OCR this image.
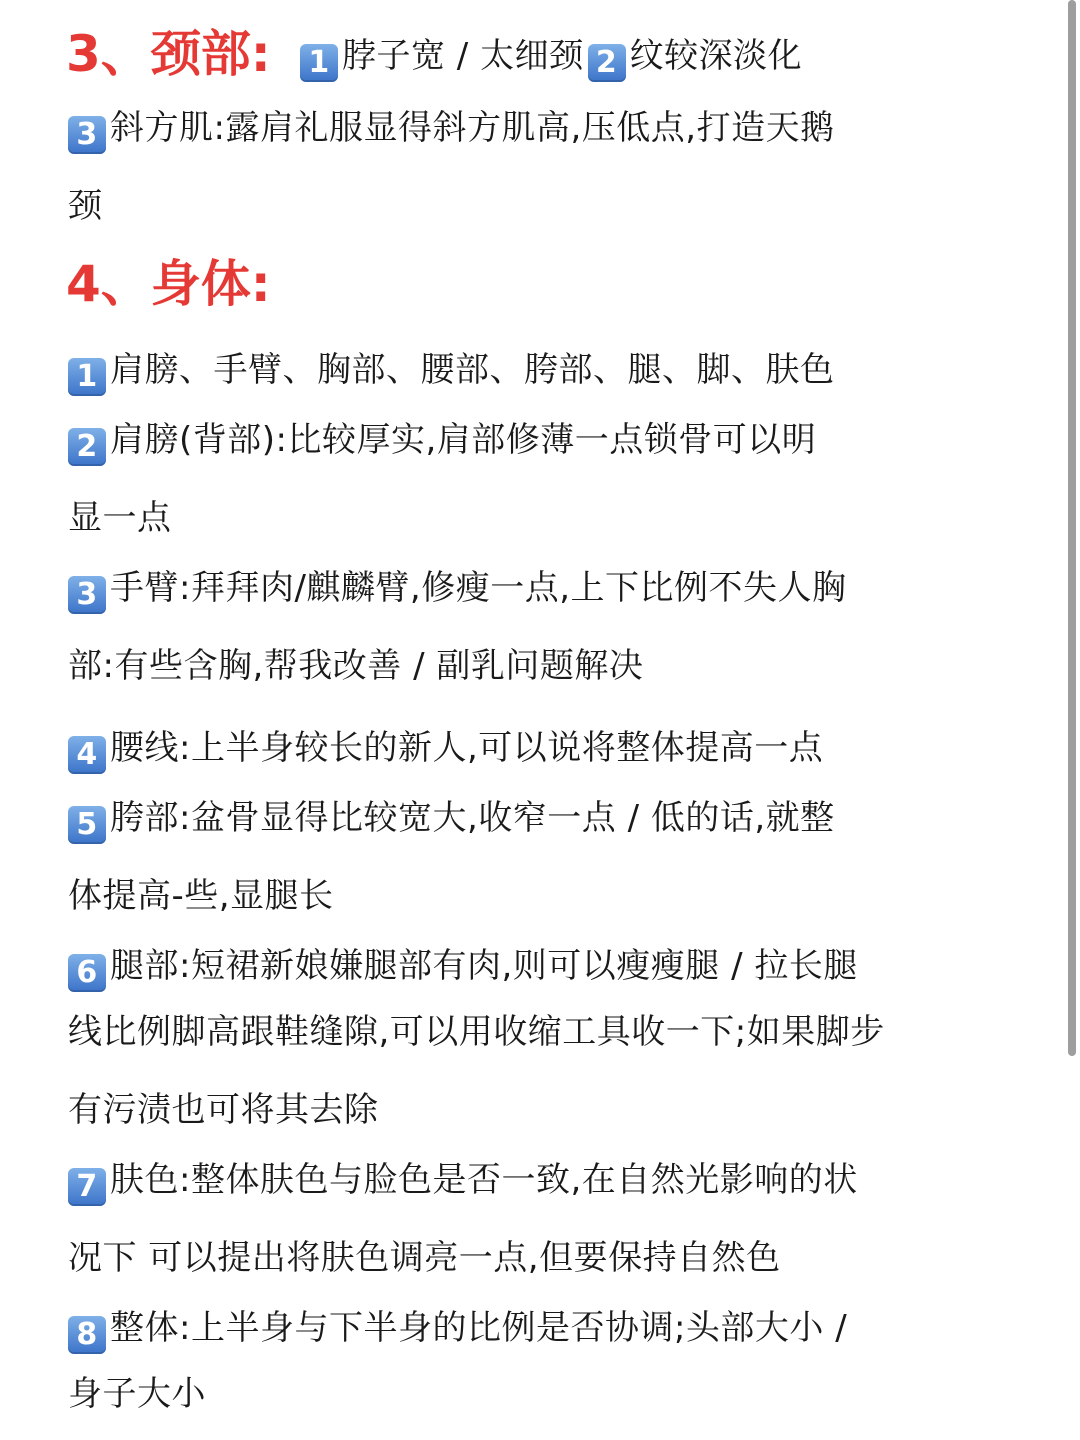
3、颈部: 1 脖子宽 / 太细颈 2 纹较深淡化
3 斜方肌:露肩礼服显得斜方肌高,压低点,打造天鹅
颈
4、身体:
1 肩膀、手臂、胸部、腰部、胯部、腿、脚、肤色
2 肩膀(背部):比较厚实,肩部修薄一点锁骨可以明
显一点
3 手臂:拜拜肉/麒麟臂,修瘦一点,上下比例不失人胸
部:有些含胸,帮我改善 / 副乳问题解决
4 腰线:上半身较长的新人,可以说将整体提高一点
5 胯部:盆骨显得比较宽大,收窄一点 / 低的话,就整
体提高-些,显腿长
6 腿部:短裙新娘嫌腿部有肉,则可以瘦瘦腿 / 拉长腿
线比例脚高跟鞋缝隙,可以用收缩工具收一下;如果脚步
有污渍也可将其去除
7 肤色:整体肤色与脸色是否一致,在自然光影响的状
况下 可以提出将肤色调亮一点,但要保持自然色
8 整体:上半身与下半身的比例是否协调;头部大小 /
身子大小
